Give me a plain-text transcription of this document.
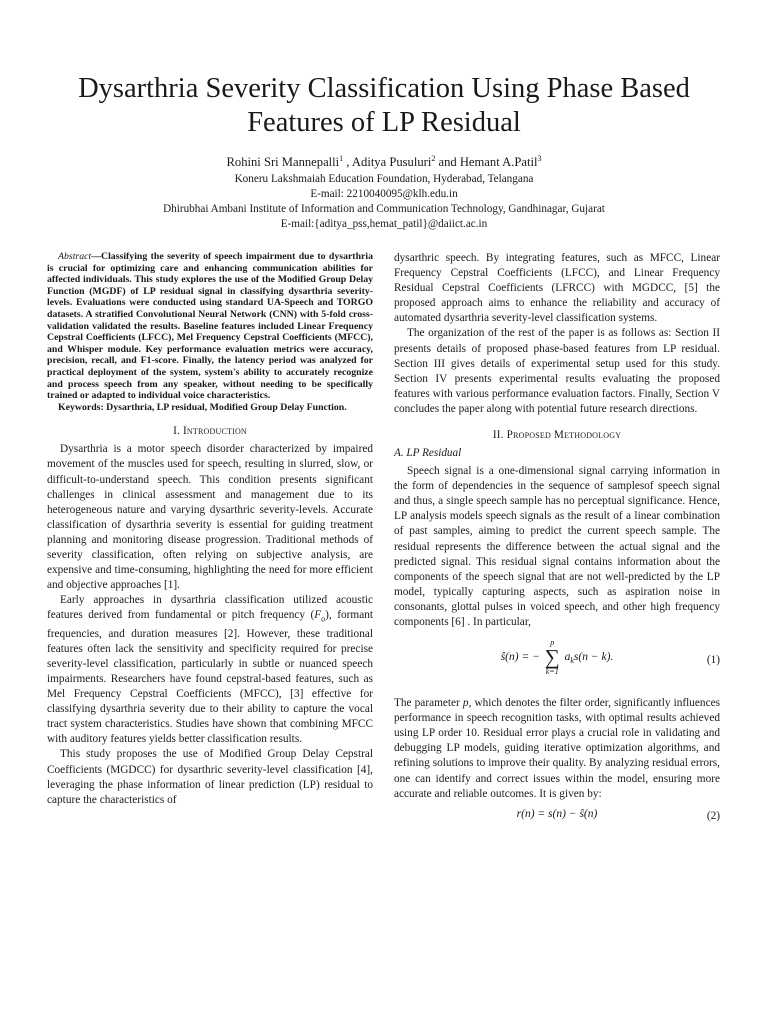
Dysarthria Severity Classification Using Phase Based Features of LP Residual

Rohini Sri Mannepalli$^1$ , Aditya Pusuluri$^2$ and Hemant A.Patil$^3$

Koneru Lakshmaiah Education Foundation, Hyderabad, Telangana

E-mail: 2210040095@klh.edu.in

Dhirubhai Ambani Institute of Information and Communication Technology, Gandhinagar, Gujarat

E-mail:{aditya_pss,hemat_patil}@daiict.ac.in

Abstract—Classifying the severity of speech impairment due to dysarthria is crucial for optimizing care and enhancing communication abilities for affected individuals. This study explores the use of the Modified Group Delay Function (MGDF) of LP residual signal in classifying dysarthria severity-levels. Evaluations were conducted using standard UA-Speech and TORGO datasets. A stratified Convolutional Neural Network (CNN) with 5-fold cross-validation validated the results. Baseline features included Linear Frequency Cepstral Coefficients (LFCC), Mel Frequency Cepstral Coefficients (MFCC), and Whisper module. Key performance evaluation metrics were accuracy, precision, recall, and F1-score. Finally, the latency period was analyzed for practical deployment of the system, system's ability to accurately recognize and process speech from any speaker, without needing to be specifically trained or adapted to individual voice characteristics.

Keywords: Dysarthria, LP residual, Modified Group Delay Function.

I. Introduction

Dysarthria is a motor speech disorder characterized by impaired movement of the muscles used for speech, resulting in slurred, slow, or difficult-to-understand speech. This condition presents significant challenges in clinical assessment and management due to its heterogeneous nature and varying dysarthric severity-levels. Accurate classification of dysarthria severity is essential for guiding treatment planning and monitoring disease progression. Traditional methods of severity classification, often relying on subjective analysis, are expensive and time-consuming, highlighting the need for more efficient and objective approaches [1].

Early approaches in dysarthria classification utilized acoustic features derived from fundamental or pitch frequency $(F_o)$, formant frequencies, and duration measures [2]. However, these traditional features often lack the sensitivity and specificity required for precise severity-level classification, particularly in subtle or nuanced speech impairments. Researchers have found cepstral-based features, such as Mel Frequency Cepstral Coefficients (MFCC), [3] effective for classifying dysarthria severity due to their ability to capture the vocal tract system characteristics. Studies have shown that combining MFCC with auditory features yields better classification results.

This study proposes the use of Modified Group Delay Cepstral Coefficients (MGDCC) for dysarthric severity-level classification [4], leveraging the phase information of linear prediction (LP) residual to capture the characteristics of

dysarthric speech. By integrating features, such as MFCC, Linear Frequency Cepstral Coefficients (LFCC), and Linear Frequency Residual Cepstral Coefficients (LFRCC) with MGDCC, [5] the proposed approach aims to enhance the reliability and accuracy of automated dysarthria severity-level classification systems.

The organization of the rest of the paper is as follows as: Section II presents details of proposed phase-based features from LP residual. Section III gives details of experimental setup used for this study. Section IV presents experimental results evaluating the proposed features with various performance evaluation factors. Finally, Section V concludes the paper along with potential future research directions.

II. Proposed Methodology
A. LP Residual

Speech signal is a one-dimensional signal carrying information in the form of dependencies in the sequence of samplesof speech signal and thus, a single speech sample has no perceptual significance. Hence, LP analysis models speech signals as the result of a linear combination of past samples, aiming to predict the current speech sample. The residual represents the difference between the actual signal and the predicted signal. This residual signal contains information about the components of the speech signal that are not well-predicted by the LP model, typically capturing aspects, such as aspiration noise in consonants, glottal pulses in voiced speech, and other high frequency components [6] . In particular,

ŝ(n) = −
p
∑
k=1
$a_ks(n - k)$.	(1)

The parameter p, which denotes the filter order, significantly influences performance in speech recognition tasks, with optimal results achieved using LP order 10. Residual error plays a crucial role in validating and debugging LP models, guiding iterative optimization algorithms, and refining solutions to improve their quality. By analyzing residual errors, one can identify and correct issues within the model, ensuring more accurate and reliable outcomes. It is given by:

r(n) = s(n) − ŝ(n)	(2)
